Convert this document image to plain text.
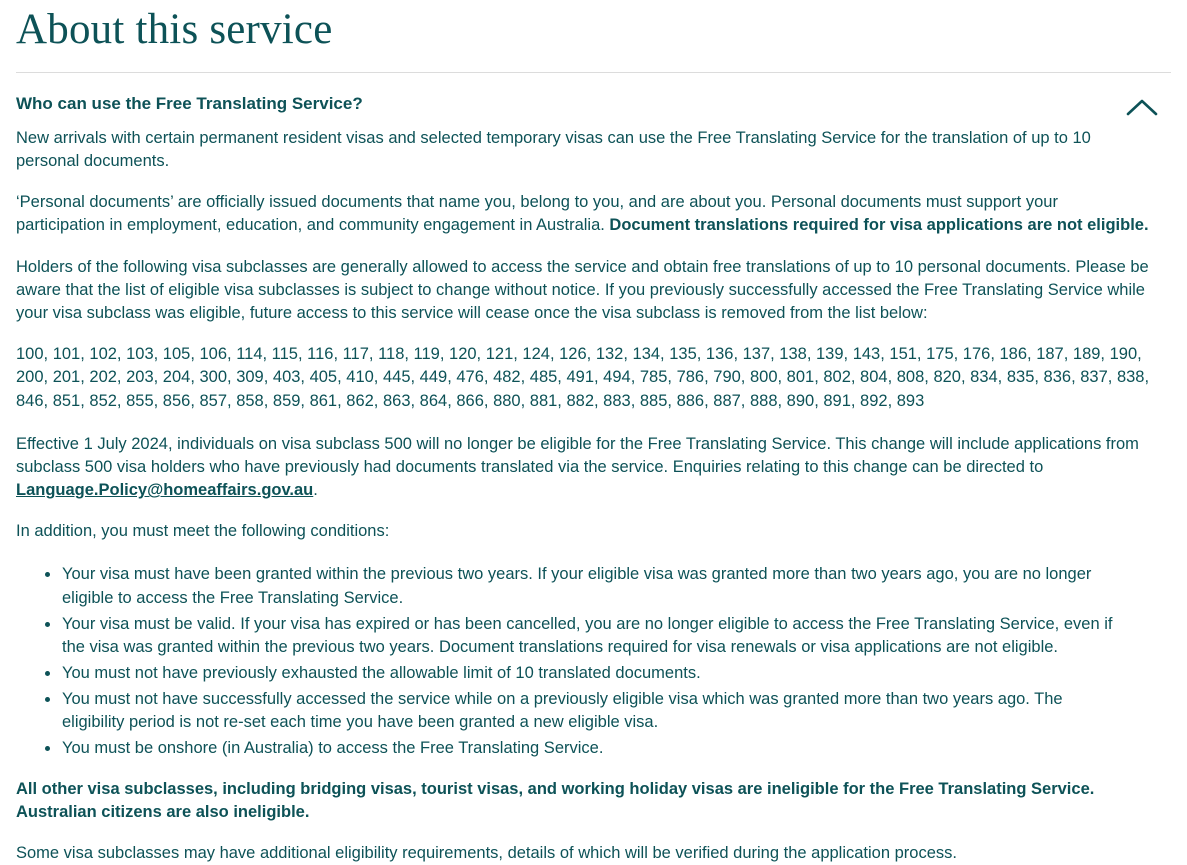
About this service
Who can use the Free Translating Service?

New arrivals with certain permanent resident visas and selected temporary visas can use the Free Translating Service for the translation of up to 10 personal documents.

‘Personal documents’ are officially issued documents that name you, belong to you, and are about you. Personal documents must support your participation in employment, education, and community engagement in Australia. Document translations required for visa applications are not eligible.

Holders of the following visa subclasses are generally allowed to access the service and obtain free translations of up to 10 personal documents. Please be aware that the list of eligible visa subclasses is subject to change without notice. If you previously successfully accessed the Free Translating Service while your visa subclass was eligible, future access to this service will cease once the visa subclass is removed from the list below:

100, 101, 102, 103, 105, 106, 114, 115, 116, 117, 118, 119, 120, 121, 124, 126, 132, 134, 135, 136, 137, 138, 139, 143, 151, 175, 176, 186, 187, 189, 190, 200, 201, 202, 203, 204, 300, 309, 403, 405, 410, 445, 449, 476, 482, 485, 491, 494, 785, 786, 790, 800, 801, 802, 804, 808, 820, 834, 835, 836, 837, 838, 846, 851, 852, 855, 856, 857, 858, 859, 861, 862, 863, 864, 866, 880, 881, 882, 883, 885, 886, 887, 888, 890, 891, 892, 893

Effective 1 July 2024, individuals on visa subclass 500 will no longer be eligible for the Free Translating Service. This change will include applications from subclass 500 visa holders who have previously had documents translated via the service. Enquiries relating to this change can be directed to Language.Policy@homeaffairs.gov.au.

In addition, you must meet the following conditions:

Your visa must have been granted within the previous two years. If your eligible visa was granted more than two years ago, you are no longer eligible to access the Free Translating Service.
Your visa must be valid. If your visa has expired or has been cancelled, you are no longer eligible to access the Free Translating Service, even if the visa was granted within the previous two years. Document translations required for visa renewals or visa applications are not eligible.
You must not have previously exhausted the allowable limit of 10 translated documents.
You must not have successfully accessed the service while on a previously eligible visa which was granted more than two years ago. The eligibility period is not re-set each time you have been granted a new eligible visa.
You must be onshore (in Australia) to access the Free Translating Service.

All other visa subclasses, including bridging visas, tourist visas, and working holiday visas are ineligible for the Free Translating Service. Australian citizens are also ineligible.

Some visa subclasses may have additional eligibility requirements, details of which will be verified during the application process.
